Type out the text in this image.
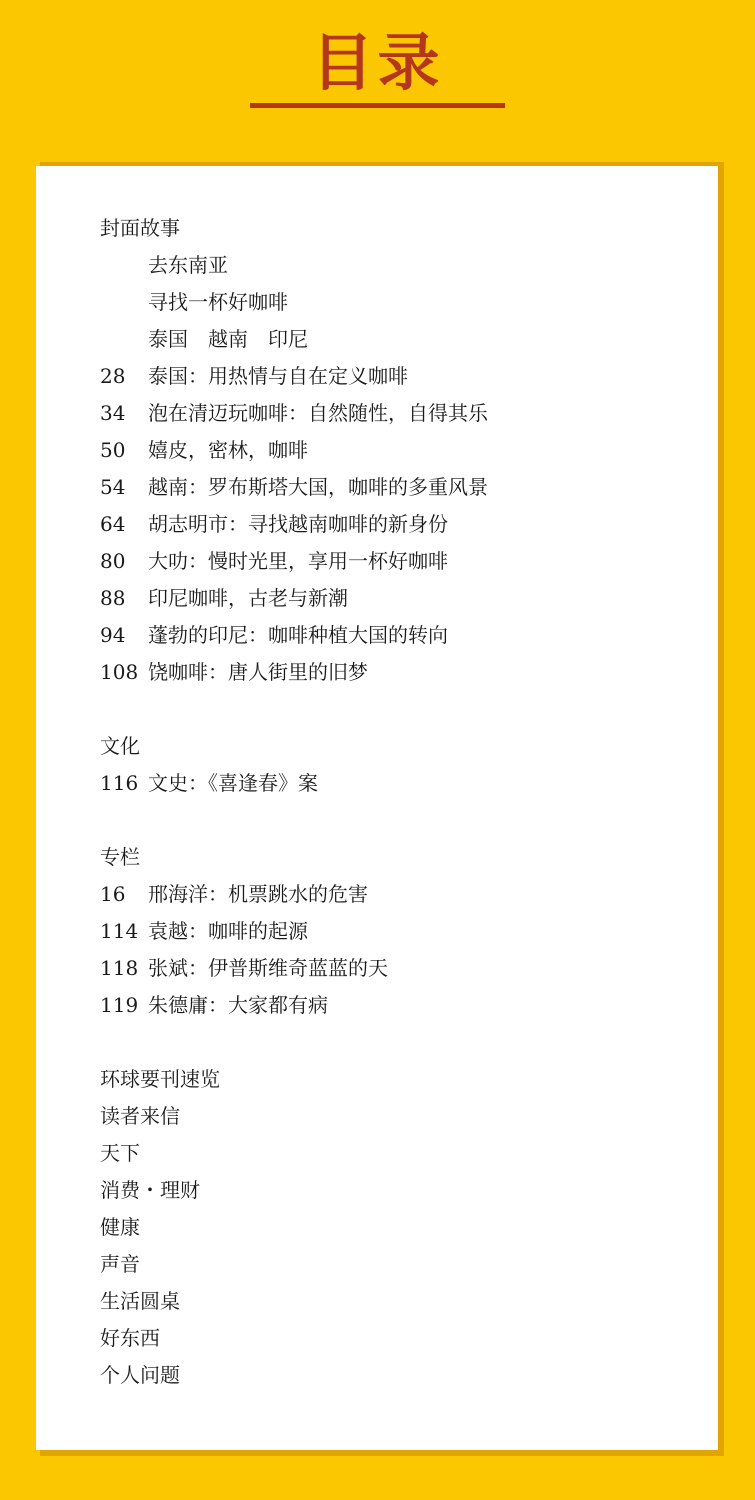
目录
封面故事
去东南亚
寻找一杯好咖啡
泰国　越南　印尼
28	泰国：用热情与自在定义咖啡
34	泡在清迈玩咖啡：自然随性，自得其乐
50	嬉皮，密林，咖啡
54	越南：罗布斯塔大国，咖啡的多重风景
64	胡志明市：寻找越南咖啡的新身份
80	大叻：慢时光里，享用一杯好咖啡
88	印尼咖啡，古老与新潮
94	蓬勃的印尼：咖啡种植大国的转向
108 饶咖啡：唐人街里的旧梦
文化
116 文史：《喜逢春》案
专栏
16	邢海洋：机票跳水的危害
114 袁越：咖啡的起源
118 张斌：伊普斯维奇蓝蓝的天
119 朱德庸：大家都有病
环球要刊速览
读者来信
天下
消费・理财
健康
声音
生活圆桌
好东西
个人问题
